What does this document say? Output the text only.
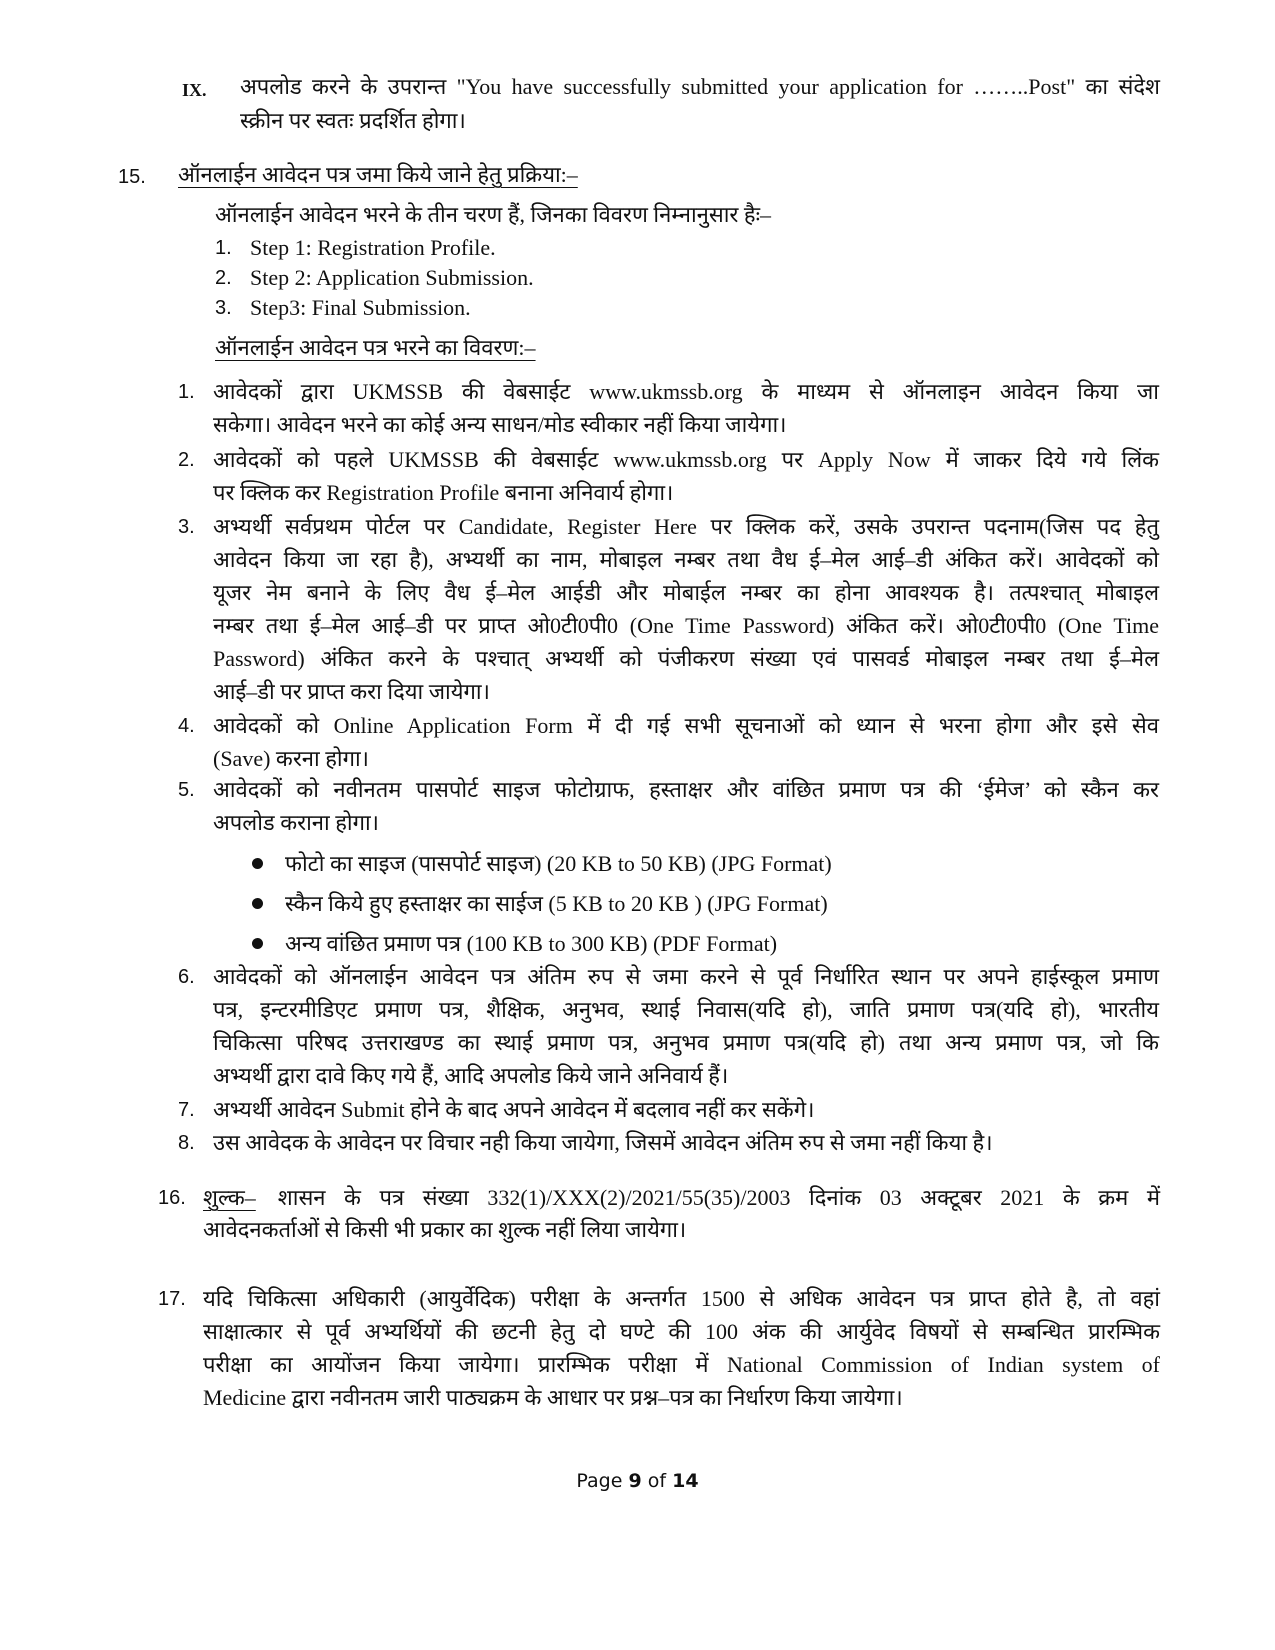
IX. अपलोड करने के उपरान्त "You have successfully submitted your application for ……..Post" का संदेश
स्क्रीन पर स्वतः प्रदर्शित होगा।
15. ऑनलाईन आवेदन पत्र जमा किये जाने हेतु प्रक्रिया:–
ऑनलाईन आवेदन भरने के तीन चरण हैं, जिनका विवरण निम्नानुसार हैः–
1. Step 1: Registration Profile.
2. Step 2: Application Submission.
3. Step3: Final Submission.
ऑनलाईन आवेदन पत्र भरने का विवरण:–
1. आवेदकों द्वारा UKMSSB की वेबसाईट www.ukmssb.org के माध्यम से ऑनलाइन आवेदन किया जा
सकेगा। आवेदन भरने का कोई अन्य साधन/मोड स्वीकार नहीं किया जायेगा।
2. आवेदकों को पहले UKMSSB की वेबसाईट www.ukmssb.org पर Apply Now में जाकर दिये गये लिंक
पर क्लिक कर Registration Profile बनाना अनिवार्य होगा।
3. अभ्यर्थी सर्वप्रथम पोर्टल पर Candidate, Register Here पर क्लिक करें, उसके उपरान्त पदनाम(जिस पद हेतु
आवेदन किया जा रहा है), अभ्यर्थी का नाम, मोबाइल नम्बर तथा वैध ई–मेल आई–डी अंकित करें। आवेदकों को
यूजर नेम बनाने के लिए वैध ई–मेल आईडी और मोबाईल नम्बर का होना आवश्यक है। तत्पश्चात् मोबाइल
नम्बर तथा ई–मेल आई–डी पर प्राप्त ओ0टी0पी0 (One Time Password) अंकित करें। ओ0टी0पी0 (One Time
Password) अंकित करने के पश्चात् अभ्यर्थी को पंजीकरण संख्या एवं पासवर्ड मोबाइल नम्बर तथा ई–मेल
आई–डी पर प्राप्त करा दिया जायेगा।
4. आवेदकों को Online Application Form में दी गई सभी सूचनाओं को ध्यान से भरना होगा और इसे सेव
(Save) करना होगा।
5. आवेदकों को नवीनतम पासपोर्ट साइज फोटोग्राफ, हस्ताक्षर और वांछित प्रमाण पत्र की ‘ईमेज’ को स्कैन कर
अपलोड कराना होगा।
फोटो का साइज (पासपोर्ट साइज) (20 KB to 50 KB) (JPG Format)
स्कैन किये हुए हस्ताक्षर का साईज (5 KB to 20 KB ) (JPG Format)
अन्य वांछित प्रमाण पत्र (100 KB to 300 KB) (PDF Format)
6. आवेदकों को ऑनलाईन आवेदन पत्र अंतिम रुप से जमा करने से पूर्व निर्धारित स्थान पर अपने हाईस्कूल प्रमाण
पत्र, इन्टरमीडिएट प्रमाण पत्र, शैक्षिक, अनुभव, स्थाई निवास(यदि हो), जाति प्रमाण पत्र(यदि हो), भारतीय
चिकित्सा परिषद उत्तराखण्ड का स्थाई प्रमाण पत्र, अनुभव प्रमाण पत्र(यदि हो) तथा अन्य प्रमाण पत्र, जो कि
अभ्यर्थी द्वारा दावे किए गये हैं, आदि अपलोड किये जाने अनिवार्य हैं।
7. अभ्यर्थी आवेदन Submit होने के बाद अपने आवेदन में बदलाव नहीं कर सकेंगे।
8. उस आवेदक के आवेदन पर विचार नही किया जायेगा, जिसमें आवेदन अंतिम रुप से जमा नहीं किया है।
16. शुल्क– शासन के पत्र संख्या 332(1)/XXX(2)/2021/55(35)/2003 दिनांक 03 अक्टूबर 2021 के क्रम में
आवेदनकर्ताओं से किसी भी प्रकार का शुल्क नहीं लिया जायेगा।
17. यदि चिकित्सा अधिकारी (आयुर्वेदिक) परीक्षा के अन्तर्गत 1500 से अधिक आवेदन पत्र प्राप्त होते है, तो वहां
साक्षात्कार से पूर्व अभ्यर्थियों की छटनी हेतु दो घण्टे की 100 अंक की आर्युवेद विषयों से सम्बन्धित प्रारम्भिक
परीक्षा का आयोंजन किया जायेगा। प्रारम्भिक परीक्षा में National Commission of Indian system of
Medicine द्वारा नवीनतम जारी पाठ्यक्रम के आधार पर प्रश्न–पत्र का निर्धारण किया जायेगा।
Page 9 of 14
